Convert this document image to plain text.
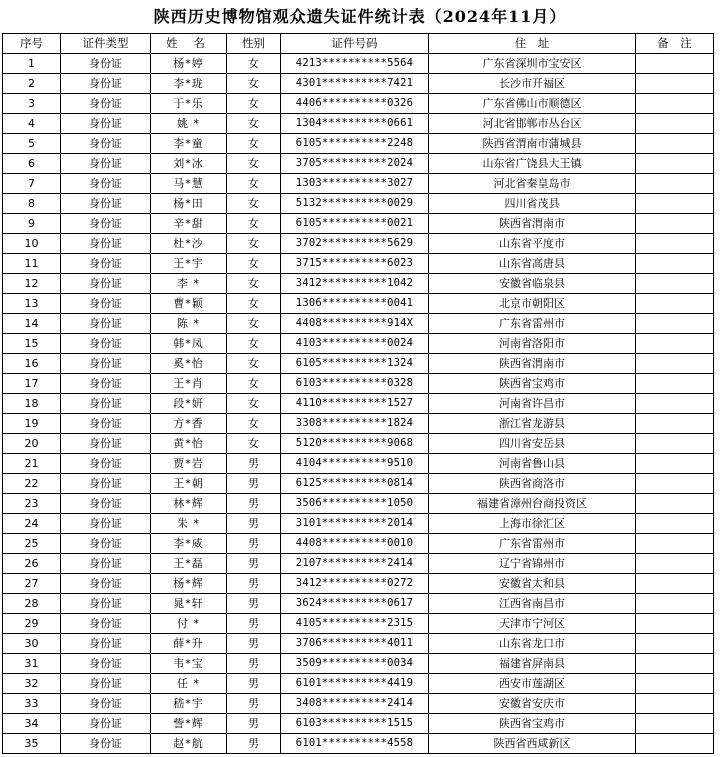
陕西历史博物馆观众遗失证件统计表（2024年11月）
序号	证件类型	姓 名	性别	证件号码	住　址	备　注
1	身份证	杨*婷	女	4213**********5564	广东省深圳市宝安区	
2	身份证	李*珑	女	4301**********7421	长沙市开福区	
3	身份证	于*乐	女	4406**********0326	广东省佛山市顺德区	
4	身份证	姚 *	女	1304**********0661	河北省邯郸市丛台区	
5	身份证	李*童	女	6105**********2248	陕西省渭南市蒲城县	
6	身份证	刘*冰	女	3705**********2024	山东省广饶县大王镇	
7	身份证	马*慧	女	1303**********3027	河北省秦皇岛市	
8	身份证	杨*田	女	5132**********0029	四川省茂县	
9	身份证	辛*甜	女	6105**********0021	陕西省渭南市	
10	身份证	杜*沙	女	3702**********5629	山东省平度市	
11	身份证	王*宇	女	3715**********6023	山东省高唐县	
12	身份证	李 *	女	3412**********1042	安徽省临泉县	
13	身份证	曹*颖	女	1306**********0041	北京市朝阳区	
14	身份证	陈 *	女	4408**********914X	广东省雷州市	
15	身份证	韩*凤	女	4103**********0024	河南省洛阳市	
16	身份证	奚*怡	女	6105**********1324	陕西省渭南市	
17	身份证	王*肖	女	6103**********0328	陕西省宝鸡市	
18	身份证	段*妍	女	4110**********1527	河南省许昌市	
19	身份证	方*香	女	3308**********1824	浙江省龙游县	
20	身份证	黄*怡	女	5120**********9068	四川省安岳县	
21	身份证	贾*岩	男	4104**********9510	河南省鲁山县	
22	身份证	王*朝	男	6125**********0814	陕西省商洛市	
23	身份证	林*辉	男	3506**********1050	福建省漳州台商投资区	
24	身份证	朱 *	男	3101**********2014	上海市徐汇区	
25	身份证	李*威	男	4408**********0010	广东省雷州市	
26	身份证	王*磊	男	2107**********2414	辽宁省锦州市	
27	身份证	杨*辉	男	3412**********0272	安徽省太和县	
28	身份证	晁*轩	男	3624**********0617	江西省南昌市	
29	身份证	付 *	男	4105**********2315	天津市宁河区	
30	身份证	薛*升	男	3706**********4011	山东省龙口市	
31	身份证	韦*宝	男	3509**********0034	福建省屏南县	
32	身份证	任 *	男	6101**********4419	西安市莲湖区	
33	身份证	嵇*宇	男	3408**********2414	安徽省安庆市	
34	身份证	訾*辉	男	6103**********1515	陕西省宝鸡市	
35	身份证	赵*航	男	6101**********4558	陕西省西咸新区	
